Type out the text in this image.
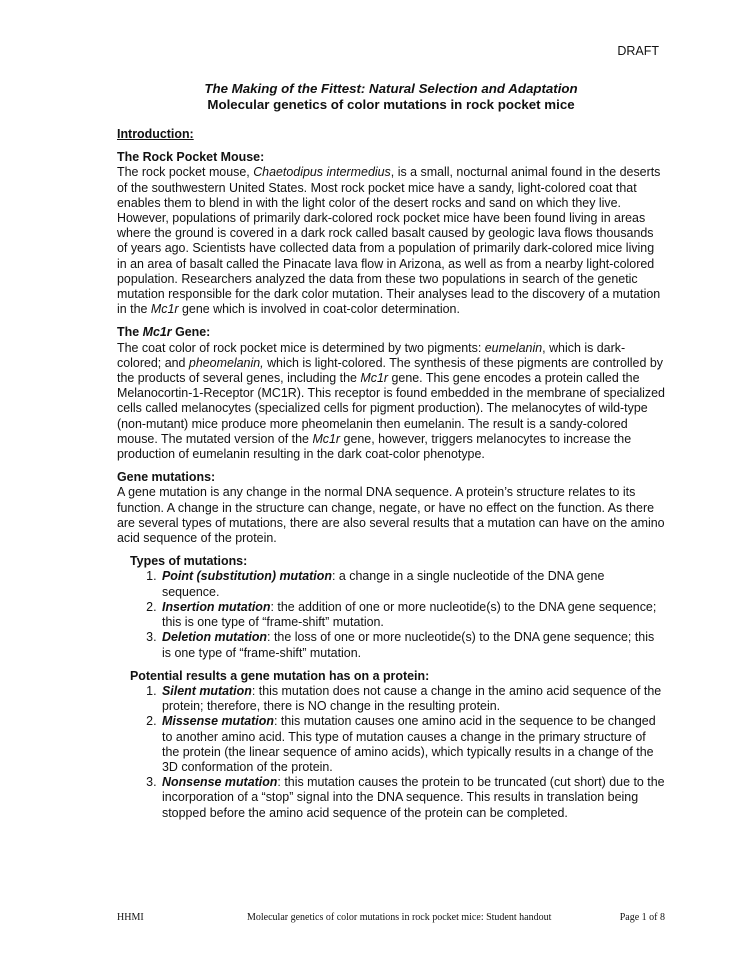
DRAFT
The Making of the Fittest: Natural Selection and Adaptation
Molecular genetics of color mutations in rock pocket mice
Introduction:
The Rock Pocket Mouse:

The rock pocket mouse, Chaetodipus intermedius, is a small, nocturnal animal found in the deserts of the southwestern United States. Most rock pocket mice have a sandy, light-colored coat that enables them to blend in with the light color of the desert rocks and sand on which they live. However, populations of primarily dark-colored rock pocket mice have been found living in areas where the ground is covered in a dark rock called basalt caused by geologic lava flows thousands of years ago. Scientists have collected data from a population of primarily dark-colored mice living in an area of basalt called the Pinacate lava flow in Arizona, as well as from a nearby light-colored population. Researchers analyzed the data from these two populations in search of the genetic mutation responsible for the dark color mutation. Their analyses lead to the discovery of a mutation in the Mc1r gene which is involved in coat-color determination.

The Mc1r Gene:

The coat color of rock pocket mice is determined by two pigments: eumelanin, which is dark-colored; and pheomelanin, which is light-colored. The synthesis of these pigments are controlled by the products of several genes, including the Mc1r gene. This gene encodes a protein called the Melanocortin-1-Receptor (MC1R). This receptor is found embedded in the membrane of specialized cells called melanocytes (specialized cells for pigment production). The melanocytes of wild-type (non-mutant) mice produce more pheomelanin then eumelanin. The result is a sandy-colored mouse. The mutated version of the Mc1r gene, however, triggers melanocytes to increase the production of eumelanin resulting in the dark coat-color phenotype.

Gene mutations:

A gene mutation is any change in the normal DNA sequence. A protein’s structure relates to its function. A change in the structure can change, negate, or have no effect on the function. As there are several types of mutations, there are also several results that a mutation can have on the amino acid sequence of the protein.

Types of mutations:
1. Point (substitution) mutation: a change in a single nucleotide of the DNA gene sequence.
2. Insertion mutation: the addition of one or more nucleotide(s) to the DNA gene sequence; this is one type of “frame-shift” mutation.
3. Deletion mutation: the loss of one or more nucleotide(s) to the DNA gene sequence; this is one type of “frame-shift” mutation.
Potential results a gene mutation has on a protein:
1. Silent mutation: this mutation does not cause a change in the amino acid sequence of the protein; therefore, there is NO change in the resulting protein.
2. Missense mutation: this mutation causes one amino acid in the sequence to be changed to another amino acid. This type of mutation causes a change in the primary structure of the protein (the linear sequence of amino acids), which typically results in a change of the 3D conformation of the protein.
3. Nonsense mutation: this mutation causes the protein to be truncated (cut short) due to the incorporation of a “stop” signal into the DNA sequence. This results in translation being stopped before the amino acid sequence of the protein can be completed.
HHMI	Molecular genetics of color mutations in rock pocket mice: Student handout	Page 1 of 8
